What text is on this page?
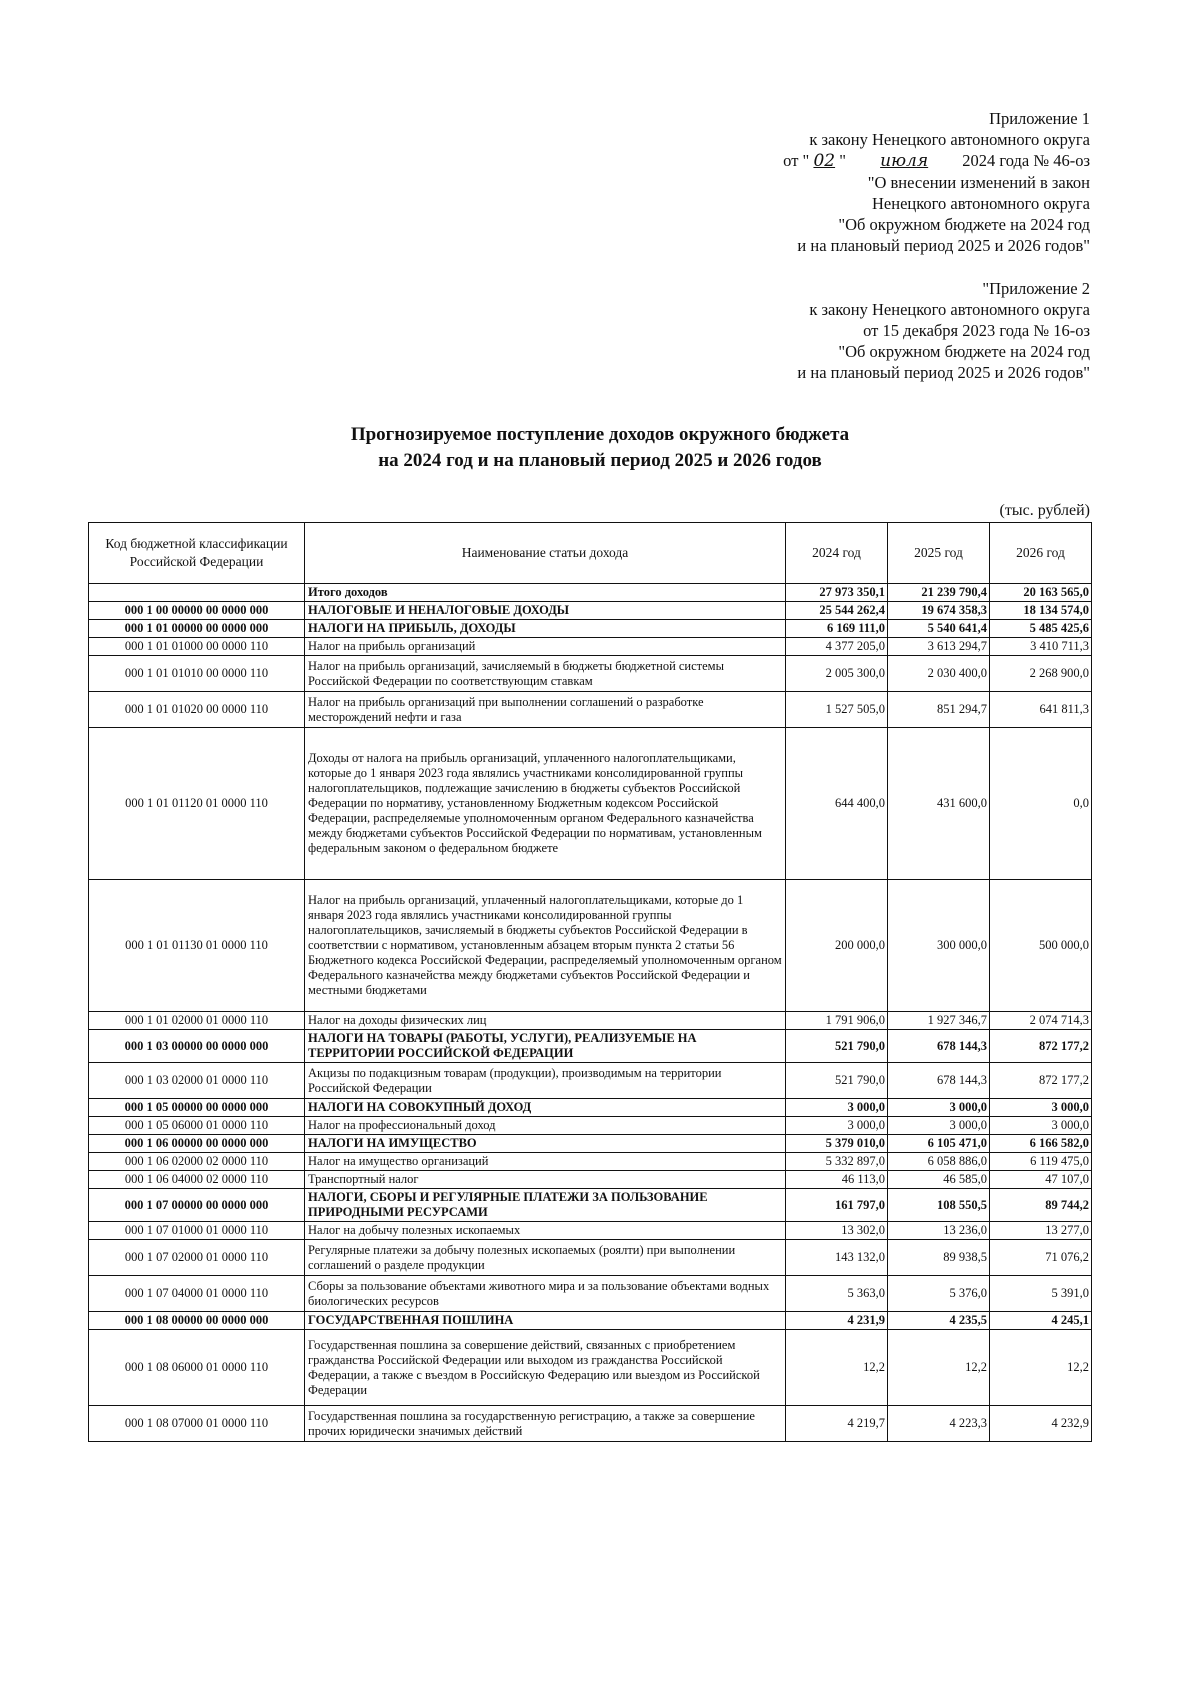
Приложение 1
к закону Ненецкого автономного округа
от " 02 " июля 2024 года № 46-оз
"О внесении изменений в закон
Ненецкого автономного округа
"Об окружном бюджете на 2024 год
и на плановый период 2025 и 2026 годов"
"Приложение 2
к закону Ненецкого автономного округа
от 15 декабря 2023 года № 16-оз
"Об окружном бюджете на 2024 год
и на плановый период 2025 и 2026 годов"
Прогнозируемое поступление доходов окружного бюджета
на 2024 год и на плановый период 2025 и 2026 годов
(тыс. рублей)
Код бюджетной классификации Российской Федерации	Наименование статьи дохода	2024 год	2025 год	2026 год
	Итого доходов	27 973 350,1	21 239 790,4	20 163 565,0
000 1 00 00000 00 0000 000	НАЛОГОВЫЕ И НЕНАЛОГОВЫЕ ДОХОДЫ	25 544 262,4	19 674 358,3	18 134 574,0
000 1 01 00000 00 0000 000	НАЛОГИ НА ПРИБЫЛЬ, ДОХОДЫ	6 169 111,0	5 540 641,4	5 485 425,6
000 1 01 01000 00 0000 110	Налог на прибыль организаций	4 377 205,0	3 613 294,7	3 410 711,3
000 1 01 01010 00 0000 110	Налог на прибыль организаций, зачисляемый в бюджеты бюджетной системы Российской Федерации по соответствующим ставкам	2 005 300,0	2 030 400,0	2 268 900,0
000 1 01 01020 00 0000 110	Налог на прибыль организаций при выполнении соглашений о разработке месторождений нефти и газа	1 527 505,0	851 294,7	641 811,3
000 1 01 01120 01 0000 110	Доходы от налога на прибыль организаций, уплаченного налогоплательщиками, которые до 1 января 2023 года являлись участниками консолидированной группы налогоплательщиков, подлежащие зачислению в бюджеты субъектов Российской Федерации по нормативу, установленному Бюджетным кодексом Российской Федерации, распределяемые уполномоченным органом Федерального казначейства между бюджетами субъектов Российской Федерации по нормативам, установленным федеральным законом о федеральном бюджете	644 400,0	431 600,0	0,0
000 1 01 01130 01 0000 110	Налог на прибыль организаций, уплаченный налогоплательщиками, которые до 1 января 2023 года являлись участниками консолидированной группы налогоплательщиков, зачисляемый в бюджеты субъектов Российской Федерации в соответствии с нормативом, установленным абзацем вторым пункта 2 статьи 56 Бюджетного кодекса Российской Федерации, распределяемый уполномоченным органом Федерального казначейства между бюджетами субъектов Российской Федерации и местными бюджетами	200 000,0	300 000,0	500 000,0
000 1 01 02000 01 0000 110	Налог на доходы физических лиц	1 791 906,0	1 927 346,7	2 074 714,3
000 1 03 00000 00 0000 000	НАЛОГИ НА ТОВАРЫ (РАБОТЫ, УСЛУГИ), РЕАЛИЗУЕМЫЕ НА ТЕРРИТОРИИ РОССИЙСКОЙ ФЕДЕРАЦИИ	521 790,0	678 144,3	872 177,2
000 1 03 02000 01 0000 110	Акцизы по подакцизным товарам (продукции), производимым на территории Российской Федерации	521 790,0	678 144,3	872 177,2
000 1 05 00000 00 0000 000	НАЛОГИ НА СОВОКУПНЫЙ ДОХОД	3 000,0	3 000,0	3 000,0
000 1 05 06000 01 0000 110	Налог на профессиональный доход	3 000,0	3 000,0	3 000,0
000 1 06 00000 00 0000 000	НАЛОГИ НА ИМУЩЕСТВО	5 379 010,0	6 105 471,0	6 166 582,0
000 1 06 02000 02 0000 110	Налог на имущество организаций	5 332 897,0	6 058 886,0	6 119 475,0
000 1 06 04000 02 0000 110	Транспортный налог	46 113,0	46 585,0	47 107,0
000 1 07 00000 00 0000 000	НАЛОГИ, СБОРЫ И РЕГУЛЯРНЫЕ ПЛАТЕЖИ ЗА ПОЛЬЗОВАНИЕ ПРИРОДНЫМИ РЕСУРСАМИ	161 797,0	108 550,5	89 744,2
000 1 07 01000 01 0000 110	Налог на добычу полезных ископаемых	13 302,0	13 236,0	13 277,0
000 1 07 02000 01 0000 110	Регулярные платежи за добычу полезных ископаемых (роялти) при выполнении соглашений о разделе продукции	143 132,0	89 938,5	71 076,2
000 1 07 04000 01 0000 110	Сборы за пользование объектами животного мира и за пользование объектами водных биологических ресурсов	5 363,0	5 376,0	5 391,0
000 1 08 00000 00 0000 000	ГОСУДАРСТВЕННАЯ ПОШЛИНА	4 231,9	4 235,5	4 245,1
000 1 08 06000 01 0000 110	Государственная пошлина за совершение действий, связанных с приобретением гражданства Российской Федерации или выходом из гражданства Российской Федерации, а также с въездом в Российскую Федерацию или выездом из Российской Федерации	12,2	12,2	12,2
000 1 08 07000 01 0000 110	Государственная пошлина за государственную регистрацию, а также за совершение прочих юридически значимых действий	4 219,7	4 223,3	4 232,9
